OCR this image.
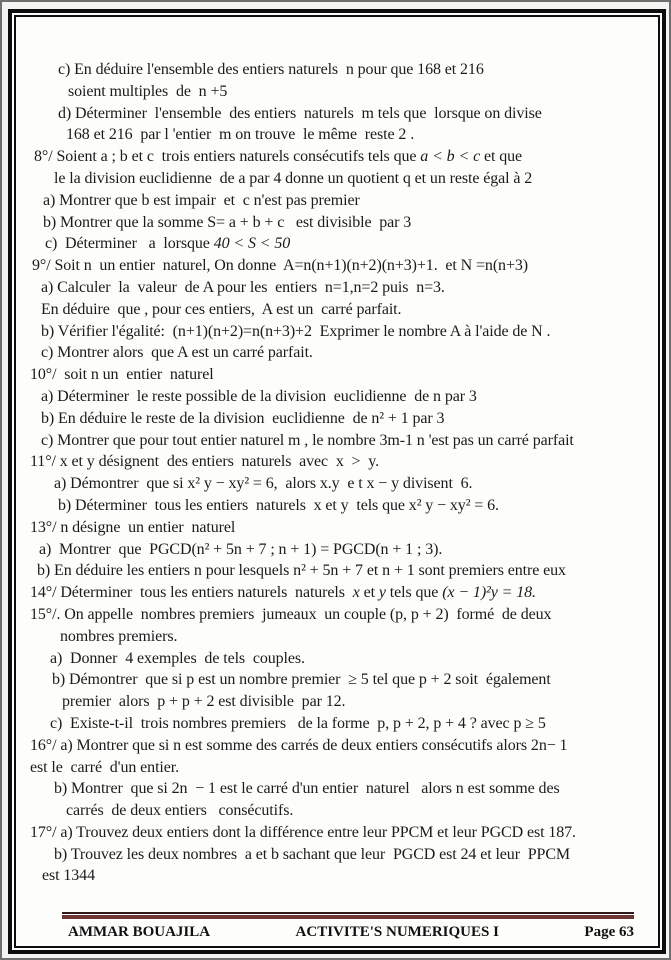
c) En déduire l'ensemble des entiers naturels  n pour que 168 et 216
soient multiples  de  n +5
d) Déterminer  l'ensemble  des entiers  naturels  m tels que  lorsque on divise
168 et 216  par l 'entier  m on trouve  le même  reste 2 .
8°/ Soient a ; b et c  trois entiers naturels consécutifs tels que a < b < c et que
le la division euclidienne  de a par 4 donne un quotient q et un reste égal à 2
a) Montrer que b est impair  et  c n'est pas premier
b) Montrer que la somme S= a + b + c   est divisible  par 3
c)  Déterminer   a  lorsque 40 < S < 50
9°/ Soit n  un entier  naturel, On donne  A=n(n+1)(n+2)(n+3)+1.  et N =n(n+3)
a) Calculer  la  valeur  de A pour les  entiers  n=1,n=2 puis  n=3.
En déduire  que , pour ces entiers,  A est un  carré parfait.
b) Vérifier l'égalité:  (n+1)(n+2)=n(n+3)+2  Exprimer le nombre A à l'aide de N .
c) Montrer alors  que A est un carré parfait.
10°/  soit n un  entier  naturel
a) Déterminer  le reste possible de la division  euclidienne  de n par 3
b) En déduire le reste de la division  euclidienne  de n² + 1 par 3
c) Montrer que pour tout entier naturel m , le nombre 3m-1 n 'est pas un carré parfait
11°/ x et y désignent  des entiers  naturels  avec  x  >  y.
a) Démontrer  que si x² y − xy² = 6,  alors x.y  e t x − y divisent  6.
b) Déterminer  tous les entiers  naturels  x et y  tels que x² y − xy² = 6.
13°/ n désigne  un entier  naturel
a)  Montrer  que  PGCD(n² + 5n + 7 ; n + 1) = PGCD(n + 1 ; 3).
b) En déduire les entiers n pour lesquels n² + 5n + 7 et n + 1 sont premiers entre eux
14°/ Déterminer  tous les entiers naturels  naturels  x et y tels que (x − 1)²y = 18.
15°/. On appelle  nombres premiers  jumeaux  un couple (p, p + 2)  formé  de deux
nombres premiers.
a)  Donner  4 exemples  de tels  couples.
b) Démontrer  que si p est un nombre premier  ≥ 5 tel que p + 2 soit  également
premier  alors  p + p + 2 est divisible  par 12.
c)  Existe-t-il  trois nombres premiers   de la forme  p, p + 2, p + 4 ? avec p ≥ 5
16°/ a) Montrer que si n est somme des carrés de deux entiers consécutifs alors 2n− 1
est le  carré  d'un entier.
b) Montrer  que si 2n  − 1 est le carré d'un entier  naturel   alors n est somme des
carrés  de deux entiers   consécutifs.
17°/ a) Trouvez deux entiers dont la différence entre leur PPCM et leur PGCD est 187.
b) Trouvez les deux nombres  a et b sachant que leur  PGCD est 24 et leur  PPCM
est 1344
AMMAR BOUAJILA	ACTIVITE'S NUMERIQUES I	Page 63
